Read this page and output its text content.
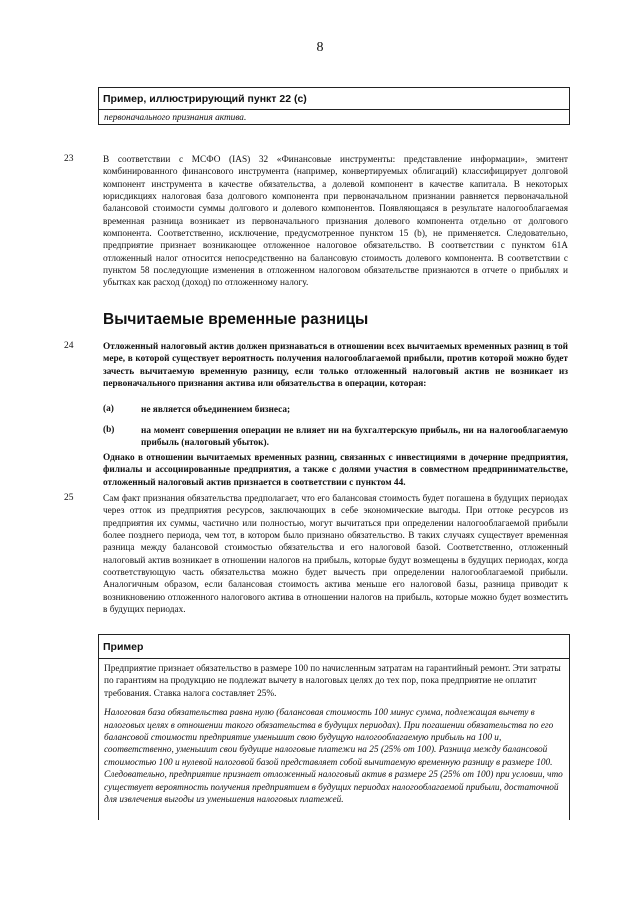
8
Пример, иллюстрирующий пункт 22 (c)
первоначального признания актива.
23	В соответствии с МСФО (IAS) 32 «Финансовые инструменты: представление информации», эмитент комбинированного финансового инструмента (например, конвертируемых облигаций) классифицирует долговой компонент инструмента в качестве обязательства, а долевой компонент в качестве капитала. В некоторых юрисдикциях налоговая база долгового компонента при первоначальном признании равняется первоначальной балансовой стоимости суммы долгового и долевого компонентов. Появляющаяся в результате налогооблагаемая временная разница возникает из первоначального признания долевого компонента отдельно от долгового компонента. Соответственно, исключение, предусмотренное пунктом 15 (b), не применяется. Следовательно, предприятие признает возникающее отложенное налоговое обязательство. В соответствии с пунктом 61А отложенный налог относится непосредственно на балансовую стоимость долевого компонента. В соответствии с пунктом 58 последующие изменения в отложенном налоговом обязательстве признаются в отчете о прибылях и убытках как расход (доход) по отложенному налогу.
Вычитаемые временные разницы
24	Отложенный налоговый актив должен признаваться в отношении всех вычитаемых временных разниц в той мере, в которой существует вероятность получения налогооблагаемой прибыли, против которой можно будет зачесть вычитаемую временную разницу, если только отложенный налоговый актив не возникает из первоначального признания актива или обязательства в операции, которая:
(a)	не является объединением бизнеса;
(b)	на момент совершения операции не влияет ни на бухгалтерскую прибыль, ни на налогооблагаемую прибыль (налоговый убыток).
Однако в отношении вычитаемых временных разниц, связанных с инвестициями в дочерние предприятия, филиалы и ассоциированные предприятия, а также с долями участия в совместном предпринимательстве, отложенный налоговый актив признается в соответствии с пунктом 44.
25	Сам факт признания обязательства предполагает, что его балансовая стоимость будет погашена в будущих периодах через отток из предприятия ресурсов, заключающих в себе экономические выгоды. При оттоке ресурсов из предприятия их суммы, частично или полностью, могут вычитаться при определении налогооблагаемой прибыли более позднего периода, чем тот, в котором было признано обязательство. В таких случаях существует временная разница между балансовой стоимостью обязательства и его налоговой базой. Соответственно, отложенный налоговый актив возникает в отношении налогов на прибыль, которые будут возмещены в будущих периодах, когда соответствующую часть обязательства можно будет вычесть при определении налогооблагаемой прибыли. Аналогичным образом, если балансовая стоимость актива меньше его налоговой базы, разница приводит к возникновению отложенного налогового актива в отношении налогов на прибыль, которые можно будет возместить в будущих периодах.
Пример
Предприятие признает обязательство в размере 100 по начисленным затратам на гарантийный ремонт. Эти затраты по гарантиям на продукцию не подлежат вычету в налоговых целях до тех пор, пока предприятие не оплатит требования. Ставка налога составляет 25%.
Налоговая база обязательства равна нулю (балансовая стоимость 100 минус сумма, подлежащая вычету в налоговых целях в отношении такого обязательства в будущих периодах). При погашении обязательства по его балансовой стоимости предприятие уменьшит свою будущую налогооблагаемую прибыль на 100 и, соответственно, уменьшит свои будущие налоговые платежи на 25 (25% от 100). Разница между балансовой стоимостью 100 и нулевой налоговой базой представляет собой вычитаемую временную разницу в размере 100. Следовательно, предприятие признает отложенный налоговый актив в размере 25 (25% от 100) при условии, что существует вероятность получения предприятием в будущих периодах налогооблагаемой прибыли, достаточной для извлечения выгоды из уменьшения налоговых платежей.
